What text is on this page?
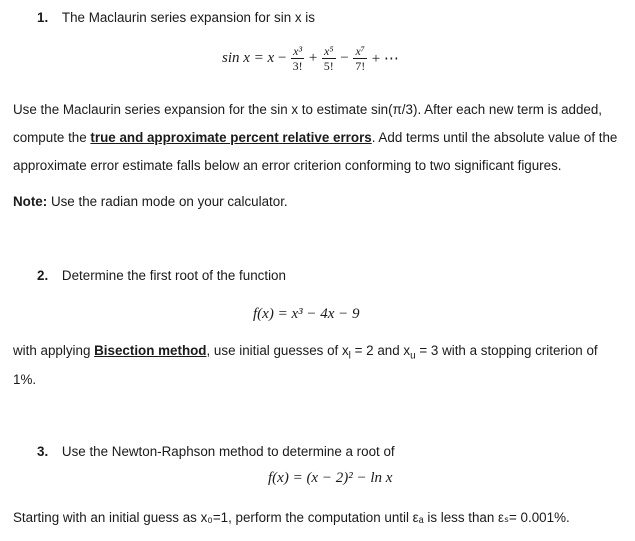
1. The Maclaurin series expansion for sin x is
$\sin x = x - \frac{\text{x³}}{3!} + \frac{\text{x⁵}}{5!} - \frac{\text{x⁷}}{7!}$ + ⋯
Use the Maclaurin series expansion for the sin x to estimate sin(π/3). After each new term is added,
compute the true and approximate percent relative errors. Add terms until the absolute value of the
approximate error estimate falls below an error criterion conforming to two significant figures.
Note: Use the radian mode on your calculator.
2. Determine the first root of the function
f(x) = x³ − 4x − 9
with applying Bisection method, use initial guesses of $x_l = 2$ and $x_u = 3$ with a stopping criterion of
1%.
3. Use the Newton-Raphson method to determine a root of
f(x) = (x − 2)² − ln x
Starting with an initial guess as x₀=1, perform the computation until εₐ is less than εₛ= 0.001%.
